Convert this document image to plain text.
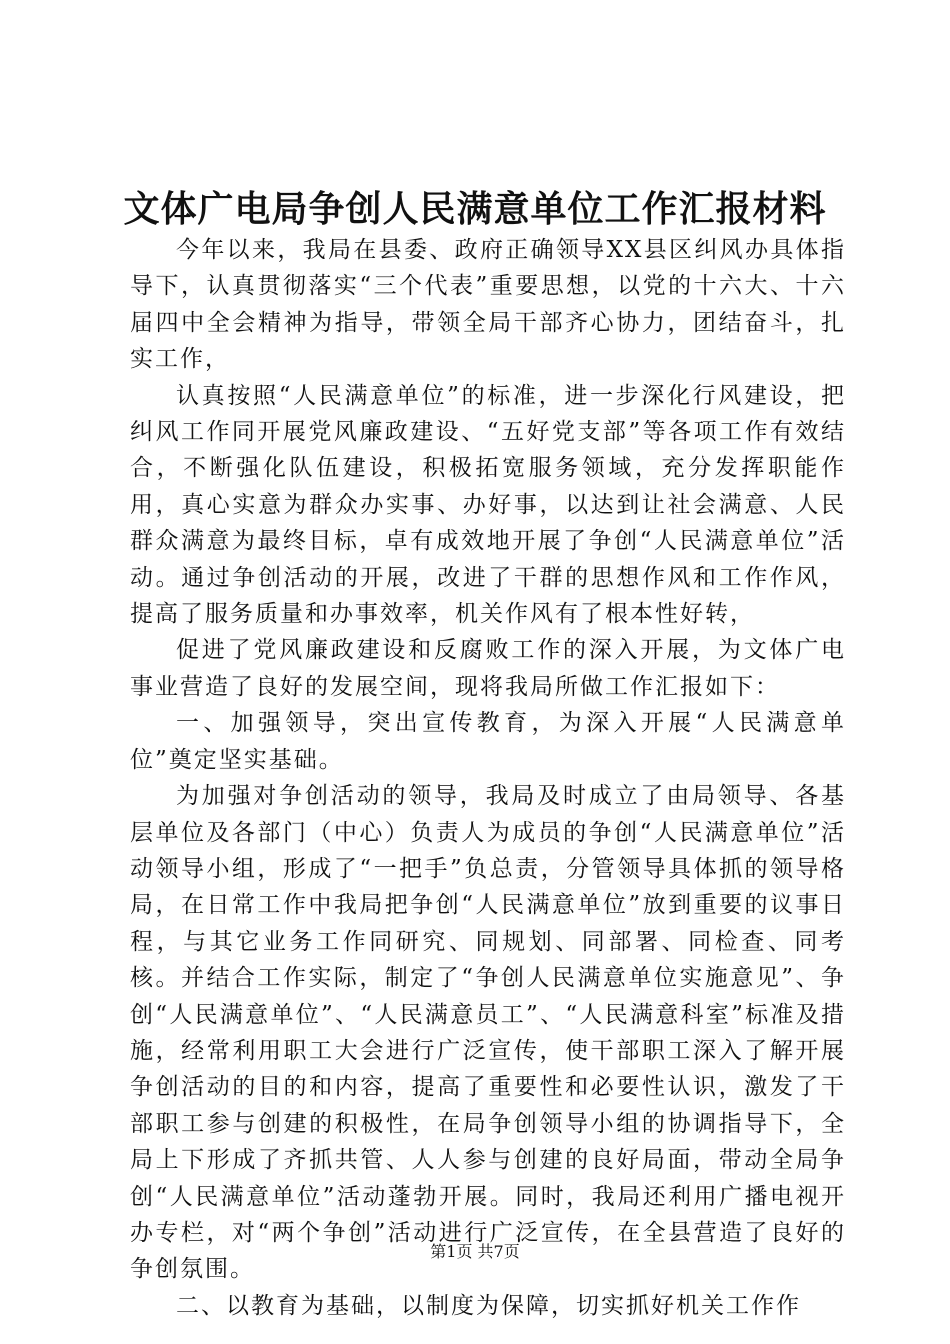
文体广电局争创人民满意单位工作汇报材料

今年以来，我局在县委、政府正确领导XX县区纠风办具体指导下，认真贯彻落实“三个代表”重要思想，以党的十六大、十六届四中全会精神为指导，带领全局干部齐心协力，团结奋斗，扎实工作，

认真按照“人民满意单位”的标准，进一步深化行风建设，把纠风工作同开展党风廉政建设、“五好党支部”等各项工作有效结合，不断强化队伍建设，积极拓宽服务领域，充分发挥职能作用，真心实意为群众办实事、办好事，以达到让社会满意、人民群众满意为最终目标，卓有成效地开展了争创“人民满意单位”活动。通过争创活动的开展，改进了干群的思想作风和工作作风，提高了服务质量和办事效率，机关作风有了根本性好转，

促进了党风廉政建设和反腐败工作的深入开展，为文体广电事业营造了良好的发展空间，现将我局所做工作汇报如下：

一、加强领导，突出宣传教育，为深入开展“人民满意单位”奠定坚实基础。

为加强对争创活动的领导，我局及时成立了由局领导、各基层单位及各部门（中心）负责人为成员的争创“人民满意单位”活动领导小组，形成了“一把手”负总责，分管领导具体抓的领导格局，在日常工作中我局把争创“人民满意单位”放到重要的议事日程，与其它业务工作同研究、同规划、同部署、同检查、同考核。并结合工作实际，制定了“争创人民满意单位实施意见”、争创“人民满意单位”、“人民满意员工”、“人民满意科室”标准及措施，经常利用职工大会进行广泛宣传，使干部职工深入了解开展争创活动的目的和内容，提高了重要性和必要性认识，激发了干部职工参与创建的积极性，在局争创领导小组的协调指导下，全局上下形成了齐抓共管、人人参与创建的良好局面，带动全局争创“人民满意单位”活动蓬勃开展。同时，我局还利用广播电视开办专栏，对“两个争创”活动进行广泛宣传，在全县营造了良好的争创氛围。

二、以教育为基础，以制度为保障，切实抓好机关工作作

第1页 共7页
